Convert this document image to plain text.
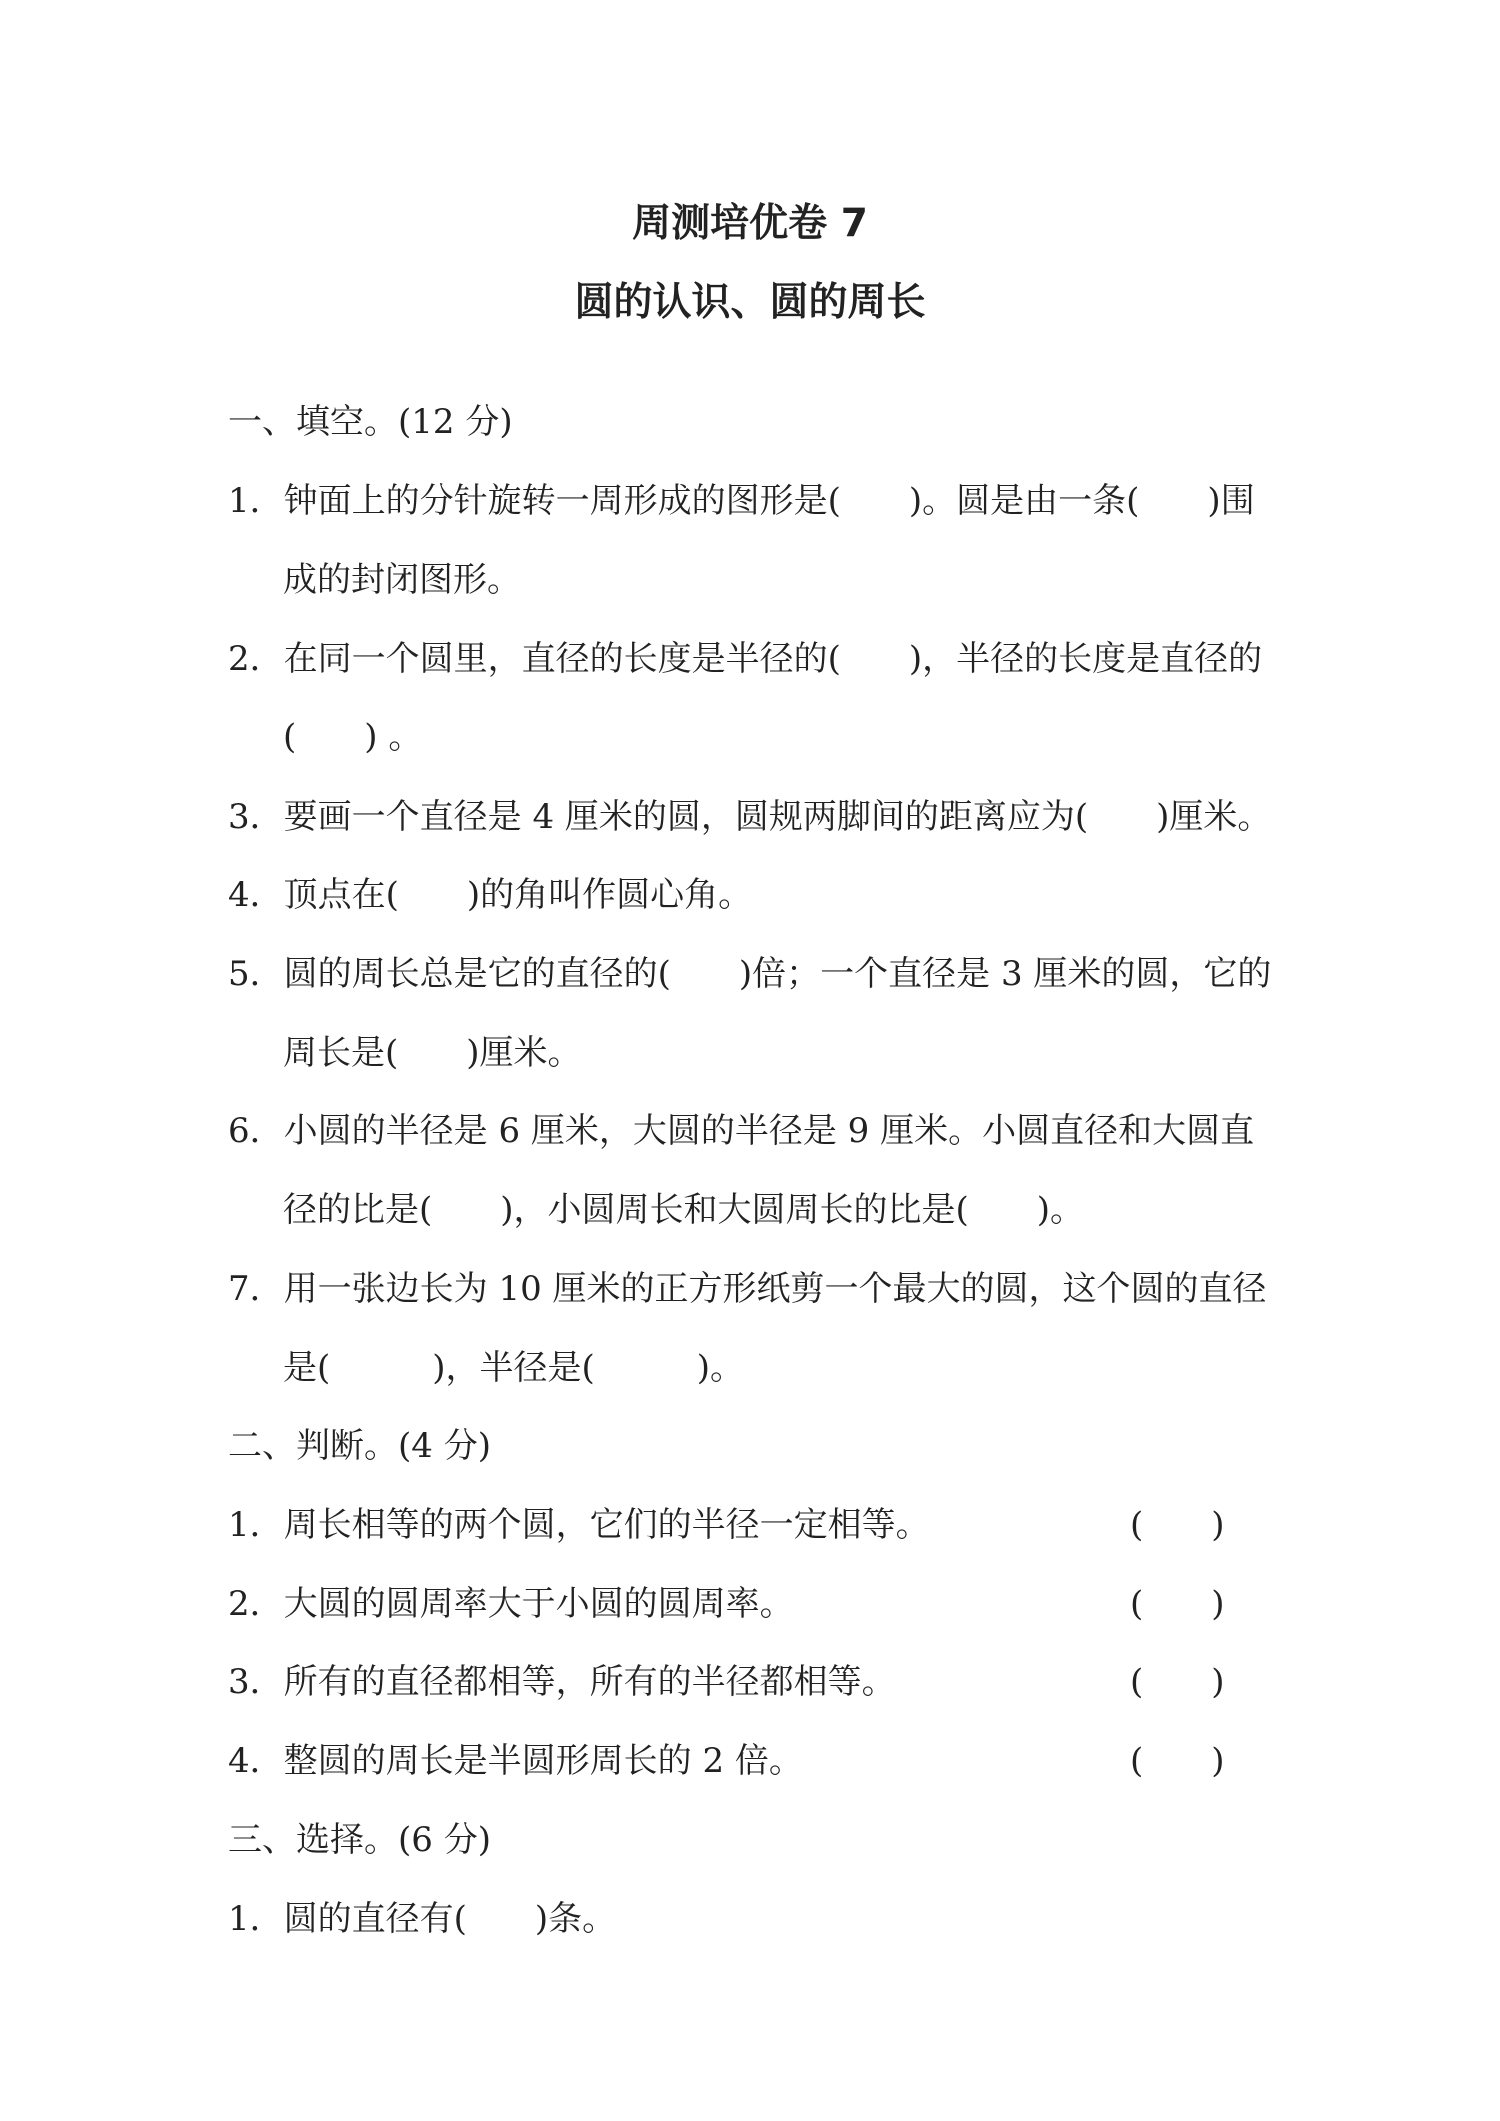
周测培优卷 7
圆的认识、圆的周长
一、填空。(12 分)
1．钟面上的分针旋转一周形成的图形是(　　)。圆是由一条(　　)围
成的封闭图形。
2．在同一个圆里，直径的长度是半径的(　　)，半径的长度是直径的
(　　) 。
3．要画一个直径是 4 厘米的圆，圆规两脚间的距离应为(　　)厘米。
4．顶点在(　　)的角叫作圆心角。
5．圆的周长总是它的直径的(　　)倍；一个直径是 3 厘米的圆，它的
周长是(　　)厘米。
6．小圆的半径是 6 厘米，大圆的半径是 9 厘米。小圆直径和大圆直
径的比是(　　)，小圆周长和大圆周长的比是(　　)。
7．用一张边长为 10 厘米的正方形纸剪一个最大的圆，这个圆的直径
是(　　　)，半径是(　　　)。
二、判断。(4 分)
1．周长相等的两个圆，它们的半径一定相等。	(　　)
2．大圆的圆周率大于小圆的圆周率。	(　　)
3．所有的直径都相等，所有的半径都相等。	(　　)
4．整圆的周长是半圆形周长的 2 倍。	(　　)
三、选择。(6 分)
1．圆的直径有(　　)条。
